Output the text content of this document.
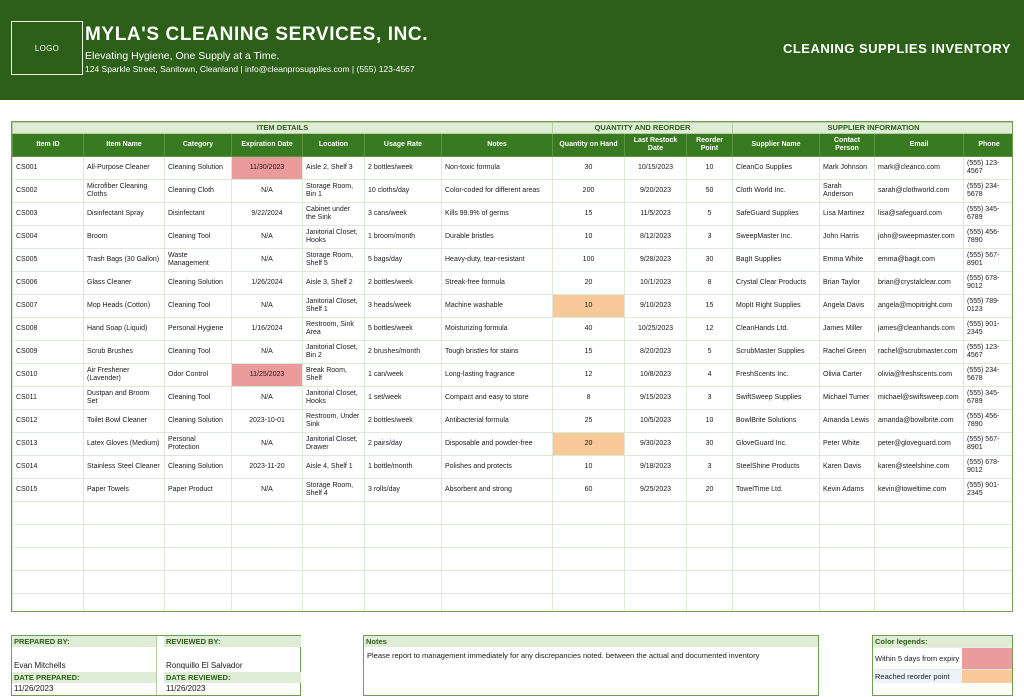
LOGO
MYLA'S CLEANING SERVICES, INC.
Elevating Hygiene, One Supply at a Time.
124 Sparkle Street, Sanitown, Cleanland | info@cleanprosupplies.com | (555) 123-4567
CLEANING SUPPLIES INVENTORY
ITEM DETAILS							QUANTITY AND REORDER			SUPPLIER INFORMATION			
Item ID	Item Name	Category	Expiration Date	Location	Usage Rate	Notes	Quantity on Hand	Last Restock Date	Reorder Point	Supplier Name	Contact Person	Email	Phone
CS001	All-Purpose Cleaner	Cleaning Solution	11/30/2023	Aisle 2, Shelf 3	2 bottles/week	Non-toxic formula	30	10/15/2023	10	CleanCo Supplies	Mark Johnson	mark@cleanco.com	(555) 123-4567
CS002	Microfiber Cleaning Cloths	Cleaning Cloth	N/A	Storage Room, Bin 1	10 cloths/day	Color-coded for different areas	200	9/20/2023	50	Cloth World Inc.	Sarah Anderson	sarah@clothworld.com	(555) 234-5678
CS003	Disinfectant Spray	Disinfectant	9/22/2024	Cabinet under the Sink	3 cans/week	Kills 99.9% of germs	15	11/5/2023	5	SafeGuard Supplies	Lisa Martinez	lisa@safeguard.com	(555) 345-6789
CS004	Broom	Cleaning Tool	N/A	Janitorial Closet, Hooks	1 broom/month	Durable bristles	10	8/12/2023	3	SweepMaster Inc.	John Harris	john@sweepmaster.com	(555) 456-7890
CS005	Trash Bags (30 Gallon)	Waste Management	N/A	Storage Room, Shelf 5	5 bags/day	Heavy-duty, tear-resistant	100	9/28/2023	30	BagIt Supplies	Emma White	emma@bagit.com	(555) 567-8901
CS006	Glass Cleaner	Cleaning Solution	1/26/2024	Aisle 3, Shelf 2	2 bottles/week	Streak-free formula	20	10/1/2023	8	Crystal Clear Products	Brian Taylor	brian@crystalclear.com	(555) 678-9012
CS007	Mop Heads (Cotton)	Cleaning Tool	N/A	Janitorial Closet, Shelf 1	3 heads/week	Machine washable	10	9/10/2023	15	MopIt Right Supplies	Angela Davis	angela@mopitright.com	(555) 789-0123
CS008	Hand Soap (Liquid)	Personal Hygiene	1/16/2024	Restroom, Sink Area	5 bottles/week	Moisturizing formula	40	10/25/2023	12	CleanHands Ltd.	James Miller	james@cleanhands.com	(555) 901-2345
CS009	Scrub Brushes	Cleaning Tool	N/A	Janitorial Closet, Bin 2	2 brushes/month	Tough bristles for stains	15	8/20/2023	5	ScrubMaster Supplies	Rachel Green	rachel@scrubmaster.com	(555) 123-4567
CS010	Air Freshener (Lavender)	Odor Control	11/25/2023	Break Room, Shelf	1 can/week	Long-lasting fragrance	12	10/8/2023	4	FreshScents Inc.	Olivia Carter	olivia@freshscents.com	(555) 234-5678
CS011	Dustpan and Broom Set	Cleaning Tool	N/A	Janitorial Closet, Hooks	1 set/week	Compact and easy to store	8	9/15/2023	3	SwiftSweep Supplies	Michael Turner	michael@swiftsweep.com	(555) 345-6789
CS012	Toilet Bowl Cleaner	Cleaning Solution	2023-10-01	Restroom, Under Sink	2 bottles/week	Antibacterial formula	25	10/5/2023	10	BowlBrite Solutions	Amanda Lewis	amanda@bowlbrite.com	(555) 456-7890
CS013	Latex Gloves (Medium)	Personal Protection	N/A	Janitorial Closet, Drawer	2 pairs/day	Disposable and powder-free	20	9/30/2023	30	GloveGuard Inc.	Peter White	peter@gloveguard.com	(555) 567-8901
CS014	Stainless Steel Cleaner	Cleaning Solution	2023-11-20	Aisle 4, Shelf 1	1 bottle/month	Polishes and protects	10	9/18/2023	3	SteelShine Products	Karen Davis	karen@steelshine.com	(555) 678-9012
CS015	Paper Towels	Paper Product	N/A	Storage Room, Shelf 4	3 rolls/day	Absorbent and strong	60	9/25/2023	20	TowelTime Ltd.	Kevin Adams	kevin@toweltime.com	(555) 901-2345

PREPARED BY:
Evan Mitchells
DATE PREPARED:
11/26/2023
REVIEWED BY:
Ronquillo El Salvador
DATE REVIEWED:
11/26/2023
Notes
Please report to management immediately for any discrepancies noted. between the actual and documented inventory
Color legends:
Within 5 days from expiry
Reached reorder point
